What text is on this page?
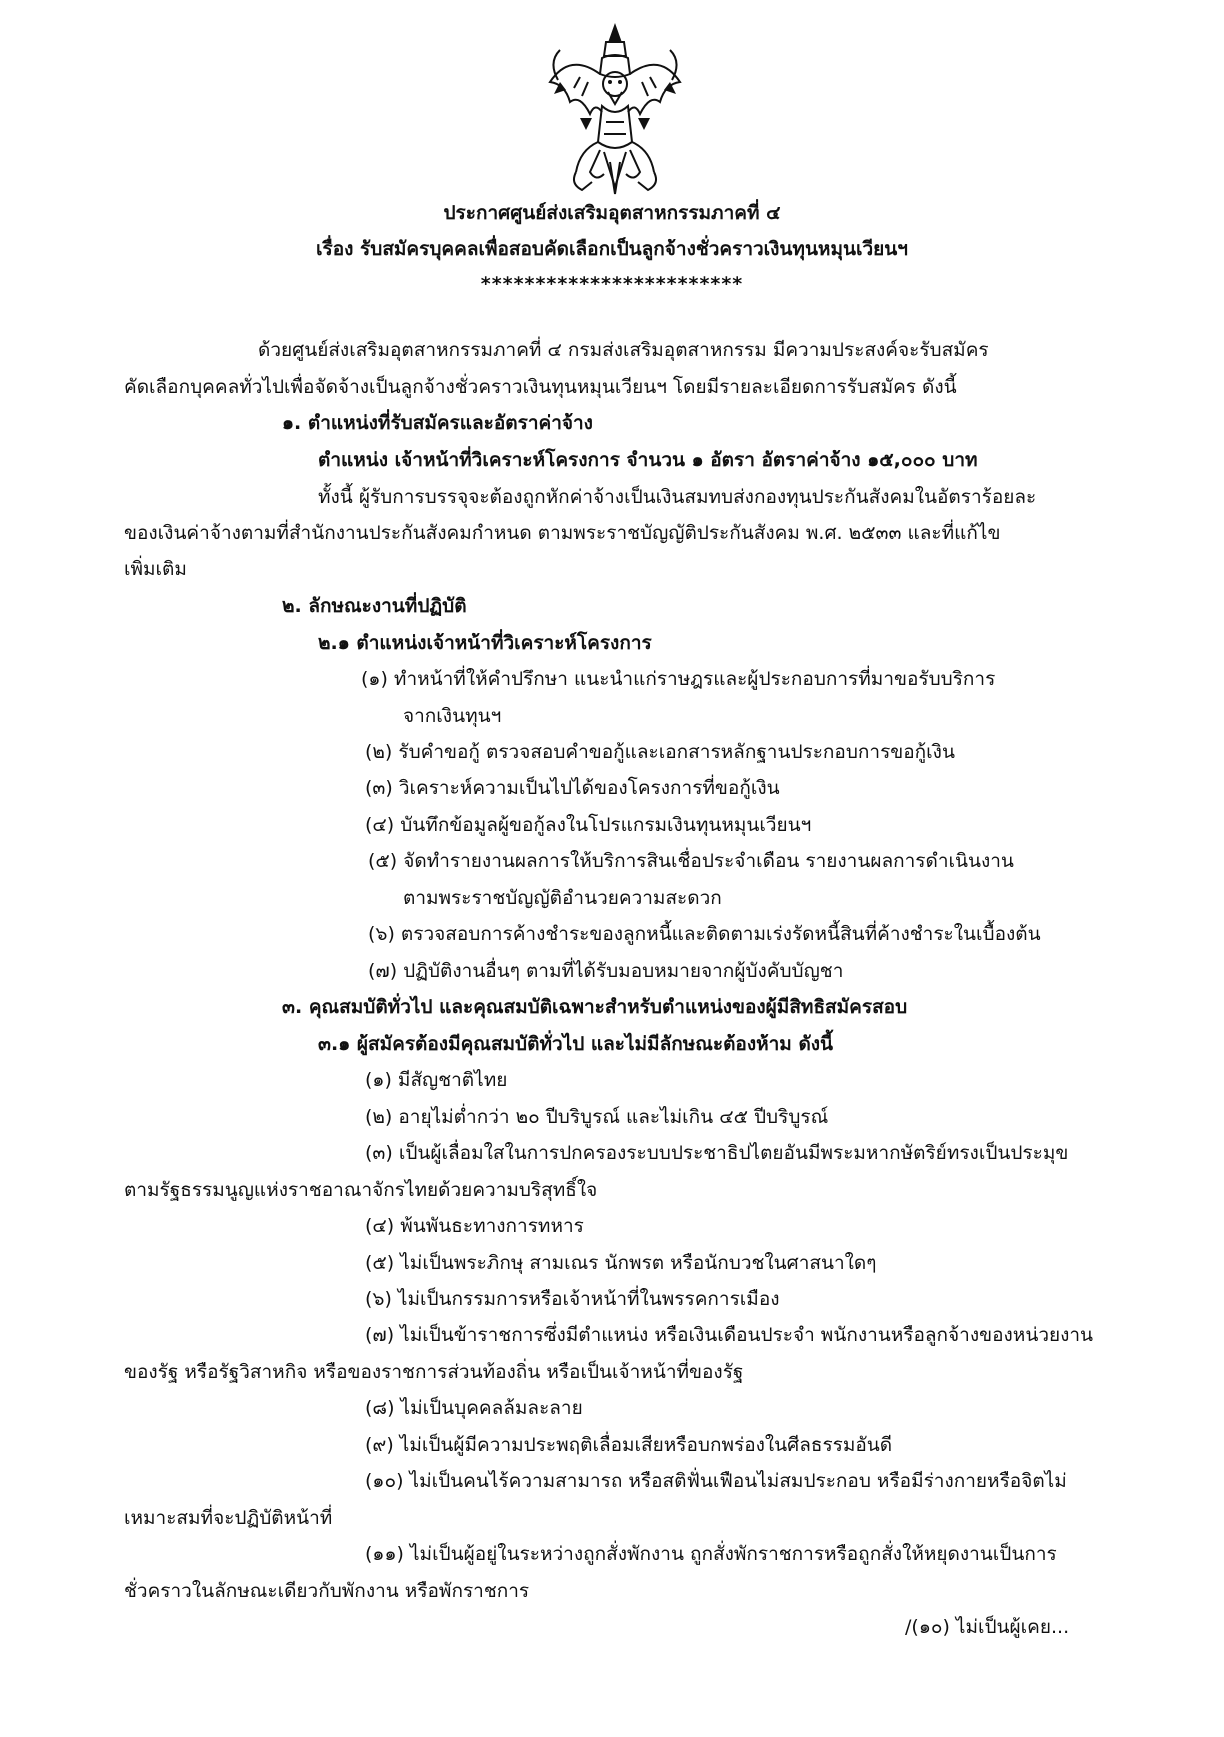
ประกาศศูนย์ส่งเสริมอุตสาหกรรมภาคที่ ๔
เรื่อง รับสมัครบุคคลเพื่อสอบคัดเลือกเป็นลูกจ้างชั่วคราวเงินทุนหมุนเวียนฯ
************************
ด้วยศูนย์ส่งเสริมอุตสาหกรรมภาคที่ ๔ กรมส่งเสริมอุตสาหกรรม มีความประสงค์จะรับสมัคร
คัดเลือกบุคคลทั่วไปเพื่อจัดจ้างเป็นลูกจ้างชั่วคราวเงินทุนหมุนเวียนฯ โดยมีรายละเอียดการรับสมัคร ดังนี้
๑. ตำแหน่งที่รับสมัครและอัตราค่าจ้าง
ตำแหน่ง เจ้าหน้าที่วิเคราะห์โครงการ จำนวน ๑ อัตรา อัตราค่าจ้าง ๑๕,๐๐๐ บาท
ทั้งนี้ ผู้รับการบรรจุจะต้องถูกหักค่าจ้างเป็นเงินสมทบส่งกองทุนประกันสังคมในอัตราร้อยละ
ของเงินค่าจ้างตามที่สำนักงานประกันสังคมกำหนด ตามพระราชบัญญัติประกันสังคม พ.ศ. ๒๕๓๓ และที่แก้ไข
เพิ่มเติม
๒. ลักษณะงานที่ปฏิบัติ
๒.๑ ตำแหน่งเจ้าหน้าที่วิเคราะห์โครงการ
(๑) ทำหน้าที่ให้คำปรึกษา แนะนำแก่ราษฎรและผู้ประกอบการที่มาขอรับบริการ
จากเงินทุนฯ
(๒) รับคำขอกู้ ตรวจสอบคำขอกู้และเอกสารหลักฐานประกอบการขอกู้เงิน
(๓) วิเคราะห์ความเป็นไปได้ของโครงการที่ขอกู้เงิน
(๔) บันทึกข้อมูลผู้ขอกู้ลงในโปรแกรมเงินทุนหมุนเวียนฯ
(๕) จัดทำรายงานผลการให้บริการสินเชื่อประจำเดือน รายงานผลการดำเนินงาน
ตามพระราชบัญญัติอำนวยความสะดวก
(๖) ตรวจสอบการค้างชำระของลูกหนี้และติดตามเร่งรัดหนี้สินที่ค้างชำระในเบื้องต้น
(๗) ปฏิบัติงานอื่นๆ ตามที่ได้รับมอบหมายจากผู้บังคับบัญชา
๓. คุณสมบัติทั่วไป และคุณสมบัติเฉพาะสำหรับตำแหน่งของผู้มีสิทธิสมัครสอบ
๓.๑ ผู้สมัครต้องมีคุณสมบัติทั่วไป และไม่มีลักษณะต้องห้าม ดังนี้
(๑) มีสัญชาติไทย
(๒) อายุไม่ต่ำกว่า ๒๐ ปีบริบูรณ์ และไม่เกิน ๔๕ ปีบริบูรณ์
(๓) เป็นผู้เลื่อมใสในการปกครองระบบประชาธิปไตยอันมีพระมหากษัตริย์ทรงเป็นประมุข
ตามรัฐธรรมนูญแห่งราชอาณาจักรไทยด้วยความบริสุทธิ์ใจ
(๔) พ้นพันธะทางการทหาร
(๕) ไม่เป็นพระภิกษุ สามเณร นักพรต หรือนักบวชในศาสนาใดๆ
(๖) ไม่เป็นกรรมการหรือเจ้าหน้าที่ในพรรคการเมือง
(๗) ไม่เป็นข้าราชการซึ่งมีตำแหน่ง หรือเงินเดือนประจำ พนักงานหรือลูกจ้างของหน่วยงาน
ของรัฐ หรือรัฐวิสาหกิจ หรือของราชการส่วนท้องถิ่น หรือเป็นเจ้าหน้าที่ของรัฐ
(๘) ไม่เป็นบุคคลล้มละลาย
(๙) ไม่เป็นผู้มีความประพฤติเลื่อมเสียหรือบกพร่องในศีลธรรมอันดี
(๑๐) ไม่เป็นคนไร้ความสามารถ หรือสติฟั่นเฟือนไม่สมประกอบ หรือมีร่างกายหรือจิตไม่
เหมาะสมที่จะปฏิบัติหน้าที่
(๑๑) ไม่เป็นผู้อยู่ในระหว่างถูกสั่งพักงาน ถูกสั่งพักราชการหรือถูกสั่งให้หยุดงานเป็นการ
ชั่วคราวในลักษณะเดียวกับพักงาน หรือพักราชการ
/(๑๐) ไม่เป็นผู้เคย...
